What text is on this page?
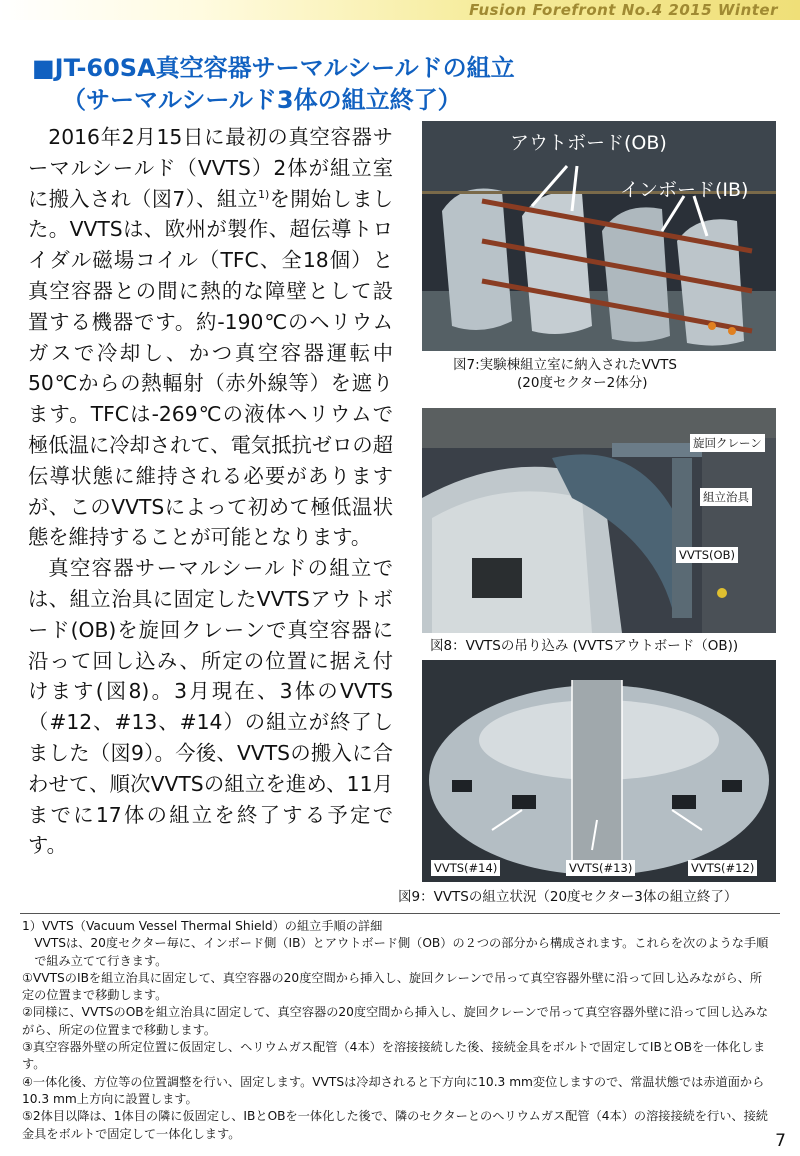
Fusion Forefront No.4 2015 Winter
■JT-60SA真空容器サーマルシールドの組立
（サーマルシールド3体の組立終了）

2016年2月15日に最初の真空容器サーマルシールド（VVTS）2体が組立室に搬入され（図7）、組立$^{1)}$を開始しました。VVTSは、欧州が製作、超伝導トロイダル磁場コイル（TFC、全18個）と真空容器との間に熱的な障壁として設置する機器です。約-190℃のヘリウムガスで冷却し、かつ真空容器運転中50℃からの熱輻射（赤外線等）を遮ります。TFCは-269℃の液体ヘリウムで極低温に冷却されて、電気抵抗ゼロの超伝導状態に維持される必要がありますが、このVVTSによって初めて極低温状態を維持することが可能となります。

真空容器サーマルシールドの組立では、組立治具に固定したVVTSアウトボード(OB)を旋回クレーンで真空容器に沿って回し込み、所定の位置に据え付けます(図8)。3月現在、3体のVVTS（#12、#13、#14）の組立が終了しました（図9）。今後、VVTSの搬入に合わせて、順次VVTSの組立を進め、11月までに17体の組立を終了する予定です。

アウトボード(OB)
インボード(IB)
図7:実験棟組立室に納入されたVVTS
(20度セクター2体分)
旋回クレーン
組立治具
VVTS(OB)
図8：VVTSの吊り込み (VVTSアウトボード（OB))
VVTS(#14)	VVTS(#13)	VVTS(#12)
図9：VVTSの組立状況（20度セクター3体の組立終了）
1）VVTS（Vacuum Vessel Thermal Shield）の組立手順の詳細
VVTSは、20度セクター毎に、インボード側（IB）とアウトボード側（OB）の２つの部分から構成されます。これらを次のような手順で組み立てて行きます。
①VVTSのIBを組立治具に固定して、真空容器の20度空間から挿入し、旋回クレーンで吊って真空容器外壁に沿って回し込みながら、所定の位置まで移動します。
②同様に、VVTSのOBを組立治具に固定して、真空容器の20度空間から挿入し、旋回クレーンで吊って真空容器外壁に沿って回し込みながら、所定の位置まで移動します。
③真空容器外壁の所定位置に仮固定し、ヘリウムガス配管（4本）を溶接接続した後、接続金具をボルトで固定してIBとOBを一体化します。
④一体化後、方位等の位置調整を行い、固定します。VVTSは冷却されると下方向に10.3 mm変位しますので、常温状態では赤道面から10.3 mm上方向に設置します。
⑤2体目以降は、1体目の隣に仮固定し、IBとOBを一体化した後で、隣のセクターとのヘリウムガス配管（4本）の溶接接続を行い、接続金具をボルトで固定して一体化します。	7
